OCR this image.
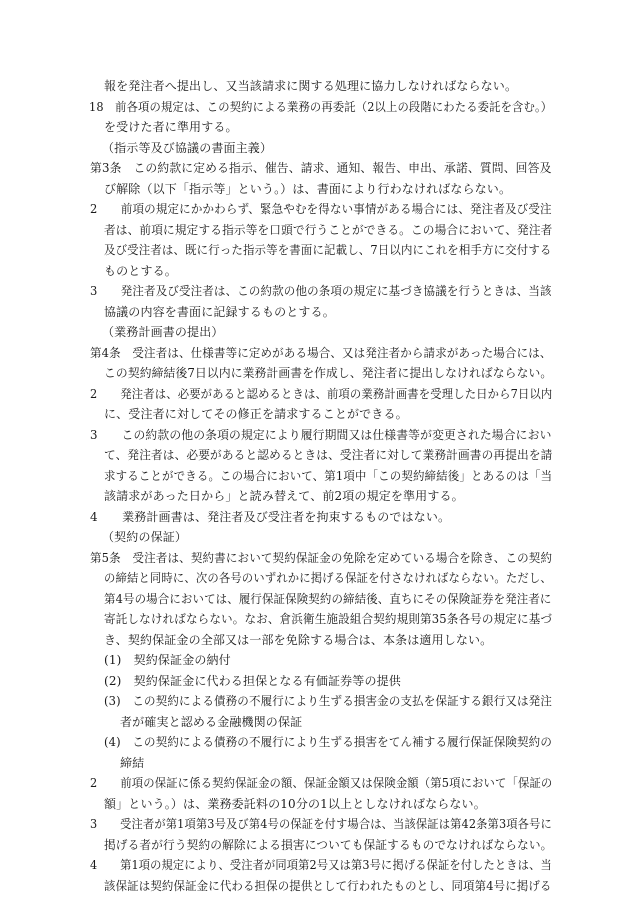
報を発注者へ提出し、又当該請求に関する処理に協力しなければならない。
18　前各項の規定は、この契約による業務の再委託（2以上の段階にわたる委託を含む。）
を受けた者に準用する。
（指示等及び協議の書面主義）
第3条　この約款に定める指示、催告、請求、通知、報告、申出、承諾、質問、回答及
び解除（以下「指示等」という。）は、書面により行わなければならない。
2　　前項の規定にかかわらず、緊急やむを得ない事情がある場合には、発注者及び受注
者は、前項に規定する指示等を口頭で行うことができる。この場合において、発注者
及び受注者は、既に行った指示等を書面に記載し、7日以内にこれを相手方に交付する
ものとする。
3　　発注者及び受注者は、この約款の他の条項の規定に基づき協議を行うときは、当該
協議の内容を書面に記録するものとする。
（業務計画書の提出）
第4条　受注者は、仕様書等に定めがある場合、又は発注者から請求があった場合には、
この契約締結後7日以内に業務計画書を作成し、発注者に提出しなければならない。
2　　発注者は、必要があると認めるときは、前項の業務計画書を受理した日から7日以内
に、受注者に対してその修正を請求することができる。
3　　この約款の他の条項の規定により履行期間又は仕様書等が変更された場合におい
て、発注者は、必要があると認めるときは、受注者に対して業務計画書の再提出を請
求することができる。この場合において、第1項中「この契約締結後」とあるのは「当
該請求があった日から」と読み替えて、前2項の規定を準用する。
4　　業務計画書は、発注者及び受注者を拘束するものではない。
（契約の保証）
第5条　受注者は、契約書において契約保証金の免除を定めている場合を除き、この契約
の締結と同時に、次の各号のいずれかに掲げる保証を付さなければならない。ただし、
第4号の場合においては、履行保証保険契約の締結後、直ちにその保険証券を発注者に
寄託しなければならない。なお、倉浜衛生施設組合契約規則第35条各号の規定に基づ
き、契約保証金の全部又は一部を免除する場合は、本条は適用しない。
(1)　契約保証金の納付
(2)　契約保証金に代わる担保となる有価証券等の提供
(3)　この契約による債務の不履行により生ずる損害金の支払を保証する銀行又は発注
者が確実と認める金融機関の保証
(4)　この契約による債務の不履行により生ずる損害をてん補する履行保証保険契約の
締結
2　　前項の保証に係る契約保証金の額、保証金額又は保険金額（第5項において「保証の
額」という。）は、業務委託料の10分の1以上としなければならない。
3　　受注者が第1項第3号及び第4号の保証を付す場合は、当該保証は第42条第3項各号に
掲げる者が行う契約の解除による損害についても保証するものでなければならない。
4　　第1項の規定により、受注者が同項第2号又は第3号に掲げる保証を付したときは、当
該保証は契約保証金に代わる担保の提供として行われたものとし、同項第4号に掲げる
